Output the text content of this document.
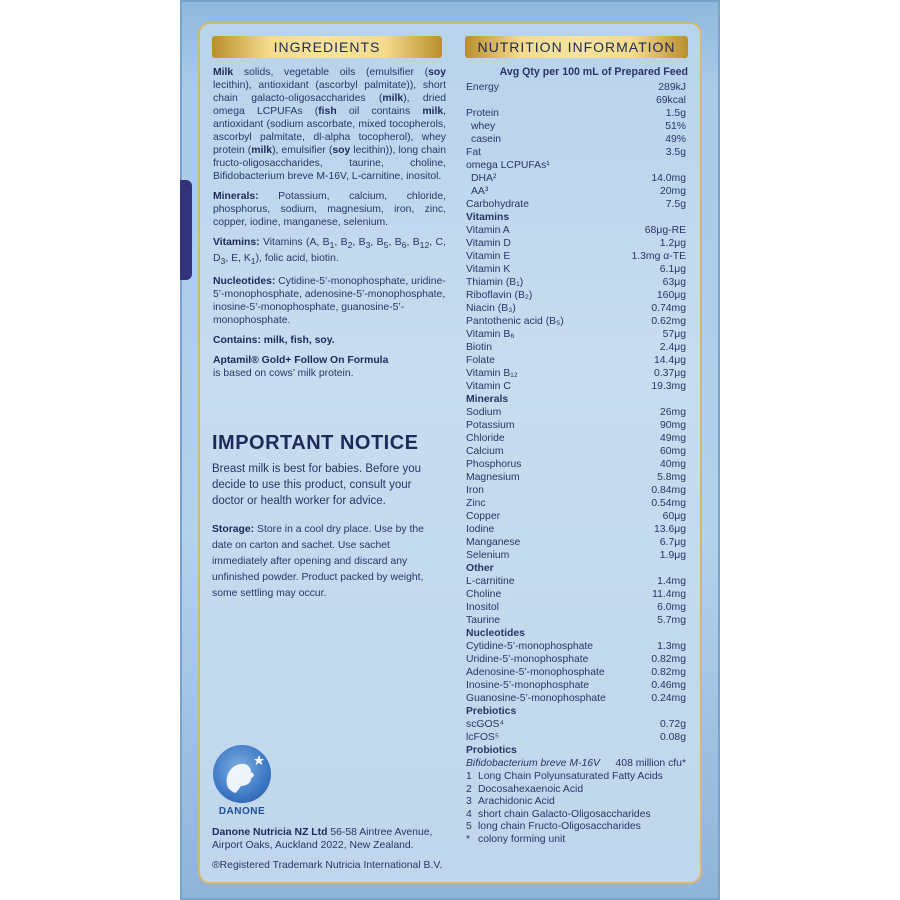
INGREDIENTS	NUTRITION INFORMATION

Milk solids, vegetable oils (emulsifier (soy lecithin), antioxidant (ascorbyl palmitate)), short chain galacto-oligosaccharides (milk), dried omega LCPUFAs (fish oil contains milk, antioxidant (sodium ascorbate, mixed tocopherols, ascorbyl palmitate, dl-alpha tocopherol), whey protein (milk), emulsifier (soy lecithin)), long chain fructo-oligosaccharides, taurine, choline, Bifidobacterium breve M-16V, L-carnitine, inositol.

Minerals: Potassium, calcium, chloride, phosphorus, sodium, magnesium, iron, zinc, copper, iodine, manganese, selenium.

Vitamins: Vitamins (A, $B_1$, $B_2$, $B_3$, $B_5$, $B_6$, $B_{12}$, C, $D_3$, E, $K_1$), folic acid, biotin.

Nucleotides: Cytidine-5’-monophosphate, uridine-5’-monophosphate, adenosine-5’-monophosphate, inosine-5’-monophosphate, guanosine-5’-monophosphate.

Contains: milk, fish, soy.

Aptamil® Gold+ Follow On Formula
is based on cows’ milk protein.

IMPORTANT NOTICE
Breast milk is best for babies. Before you decide to use this product, consult your doctor or health worker for advice.
Storage: Store in a cool dry place. Use by the date on carton and sachet. Use sachet immediately after opening and discard any unfinished powder. Product packed by weight, some settling may occur.
DANONE
Danone Nutricia NZ Ltd 56-58 Aintree Avenue, Airport Oaks, Auckland 2022, New Zealand.
®Registered Trademark Nutricia International B.V.
Avg Qty per 100 mL of Prepared Feed
Energy	289kJ
69kcal
Protein	1.5g
whey	51%
casein	49%
Fat	3.5g
omega LCPUFAs¹
DHA²	14.0mg
AA³	20mg
Carbohydrate	7.5g
Vitamins
Vitamin A	68μg-RE
Vitamin D	1.2μg
Vitamin E	1.3mg α-TE
Vitamin K	6.1μg
Thiamin (B₁)	63μg
Riboflavin (B₂)	160μg
Niacin (B₃)	0.74mg
Pantothenic acid (B₅)	0.62mg
Vitamin B₆	57μg
Biotin	2.4μg
Folate	14.4μg
Vitamin B₁₂	0.37μg
Vitamin C	19.3mg
Minerals
Sodium	26mg
Potassium	90mg
Chloride	49mg
Calcium	60mg
Phosphorus	40mg
Magnesium	5.8mg
Iron	0.84mg
Zinc	0.54mg
Copper	60μg
Iodine	13.6μg
Manganese	6.7μg
Selenium	1.9μg
Other
L-carnitine	1.4mg
Choline	11.4mg
Inositol	6.0mg
Taurine	5.7mg
Nucleotides
Cytidine-5’-monophosphate	1.3mg
Uridine-5’-monophosphate	0.82mg
Adenosine-5’-monophosphate	0.82mg
Inosine-5’-monophosphate	0.46mg
Guanosine-5’-monophosphate	0.24mg
Prebiotics
scGOS⁴	0.72g
lcFOS⁵	0.08g
Probiotics
Bifidobacterium breve M-16V 408 million cfu*
1 Long Chain Polyunsaturated Fatty Acids
2 Docosahexaenoic Acid
3 Arachidonic Acid
4 short chain Galacto-Oligosaccharides
5 long chain Fructo-Oligosaccharides
* colony forming unit
